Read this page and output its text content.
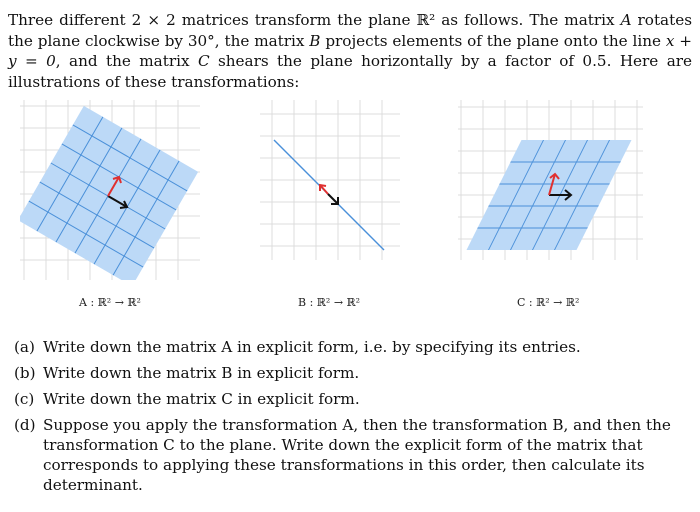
Three different 2 × 2 matrices transform the plane ℝ² as follows. The matrix A rotates the plane clockwise by 30°, the matrix B projects elements of the plane onto the line x + y = 0, and the matrix C shears the plane horizontally by a factor of 0.5. Here are illustrations of these transformations:

A : ℝ² → ℝ²	B : ℝ² → ℝ²	C : ℝ² → ℝ²
(a) Write down the matrix A in explicit form, i.e. by specifying its entries.
(b) Write down the matrix B in explicit form.
(c) Write down the matrix C in explicit form.
(d) Suppose you apply the transformation A, then the transformation B, and then the transformation C to the plane. Write down the explicit form of the matrix that corresponds to applying these transformations in this order, then calculate its determinant.
